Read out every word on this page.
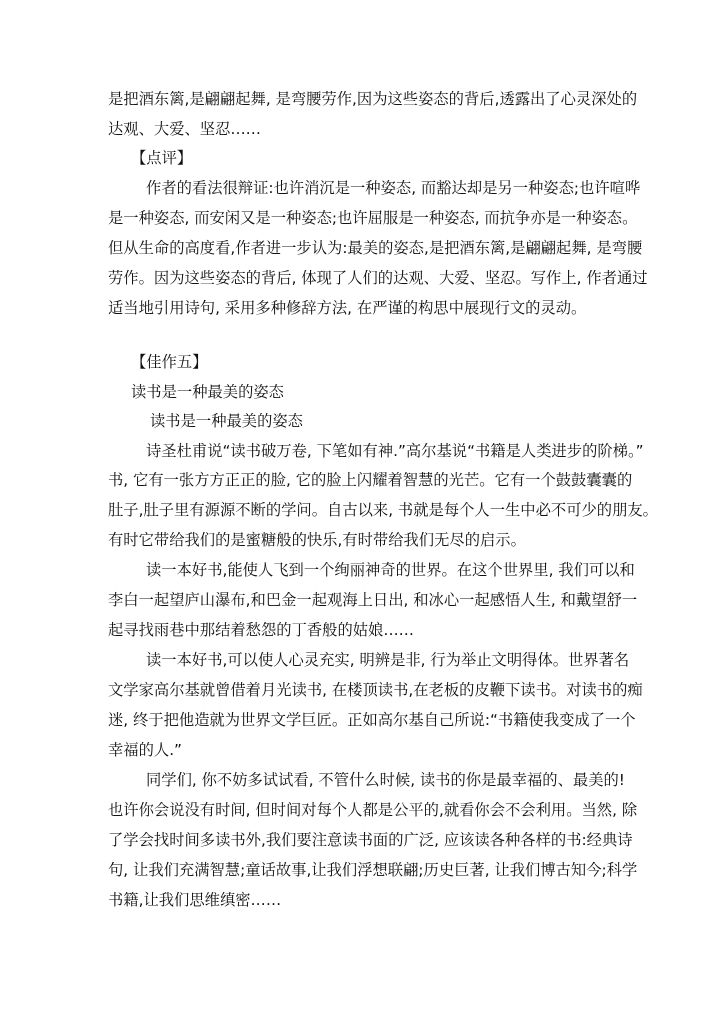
是把酒东篱,是翩翩起舞, 是弯腰劳作,因为这些姿态的背后,透露出了心灵深处的
达观、大爱、坚忍……
【点评】
作者的看法很辩证:也许消沉是一种姿态, 而豁达却是另一种姿态;也许喧哗
是一种姿态, 而安闲又是一种姿态;也许屈服是一种姿态, 而抗争亦是一种姿态。
但从生命的高度看,作者进一步认为:最美的姿态,是把酒东篱,是翩翩起舞, 是弯腰
劳作。因为这些姿态的背后, 体现了人们的达观、大爱、坚忍。写作上, 作者通过
适当地引用诗句, 采用多种修辞方法, 在严谨的构思中展现行文的灵动。
【佳作五】
读书是一种最美的姿态
读书是一种最美的姿态
诗圣杜甫说“读书破万卷, 下笔如有神.”高尔基说“书籍是人类进步的阶梯。”
书, 它有一张方方正正的脸, 它的脸上闪耀着智慧的光芒。它有一个鼓鼓囊囊的
肚子,肚子里有源源不断的学问。自古以来, 书就是每个人一生中必不可少的朋友。
有时它带给我们的是蜜糖般的快乐,有时带给我们无尽的启示。
读一本好书,能使人飞到一个绚丽神奇的世界。在这个世界里, 我们可以和
李白一起望庐山瀑布,和巴金一起观海上日出, 和冰心一起感悟人生, 和戴望舒一
起寻找雨巷中那结着愁怨的丁香般的姑娘……
读一本好书,可以使人心灵充实, 明辨是非, 行为举止文明得体。世界著名
文学家高尔基就曾借着月光读书, 在楼顶读书,在老板的皮鞭下读书。对读书的痴
迷, 终于把他造就为世界文学巨匠。正如高尔基自己所说:“书籍使我变成了一个
幸福的人.”
同学们, 你不妨多试试看, 不管什么时候, 读书的你是最幸福的、最美的!
也许你会说没有时间, 但时间对每个人都是公平的,就看你会不会利用。当然, 除
了学会找时间多读书外,我们要注意读书面的广泛, 应该读各种各样的书:经典诗
句, 让我们充满智慧;童话故事,让我们浮想联翩;历史巨著, 让我们博古知今;科学
书籍,让我们思维缜密……
